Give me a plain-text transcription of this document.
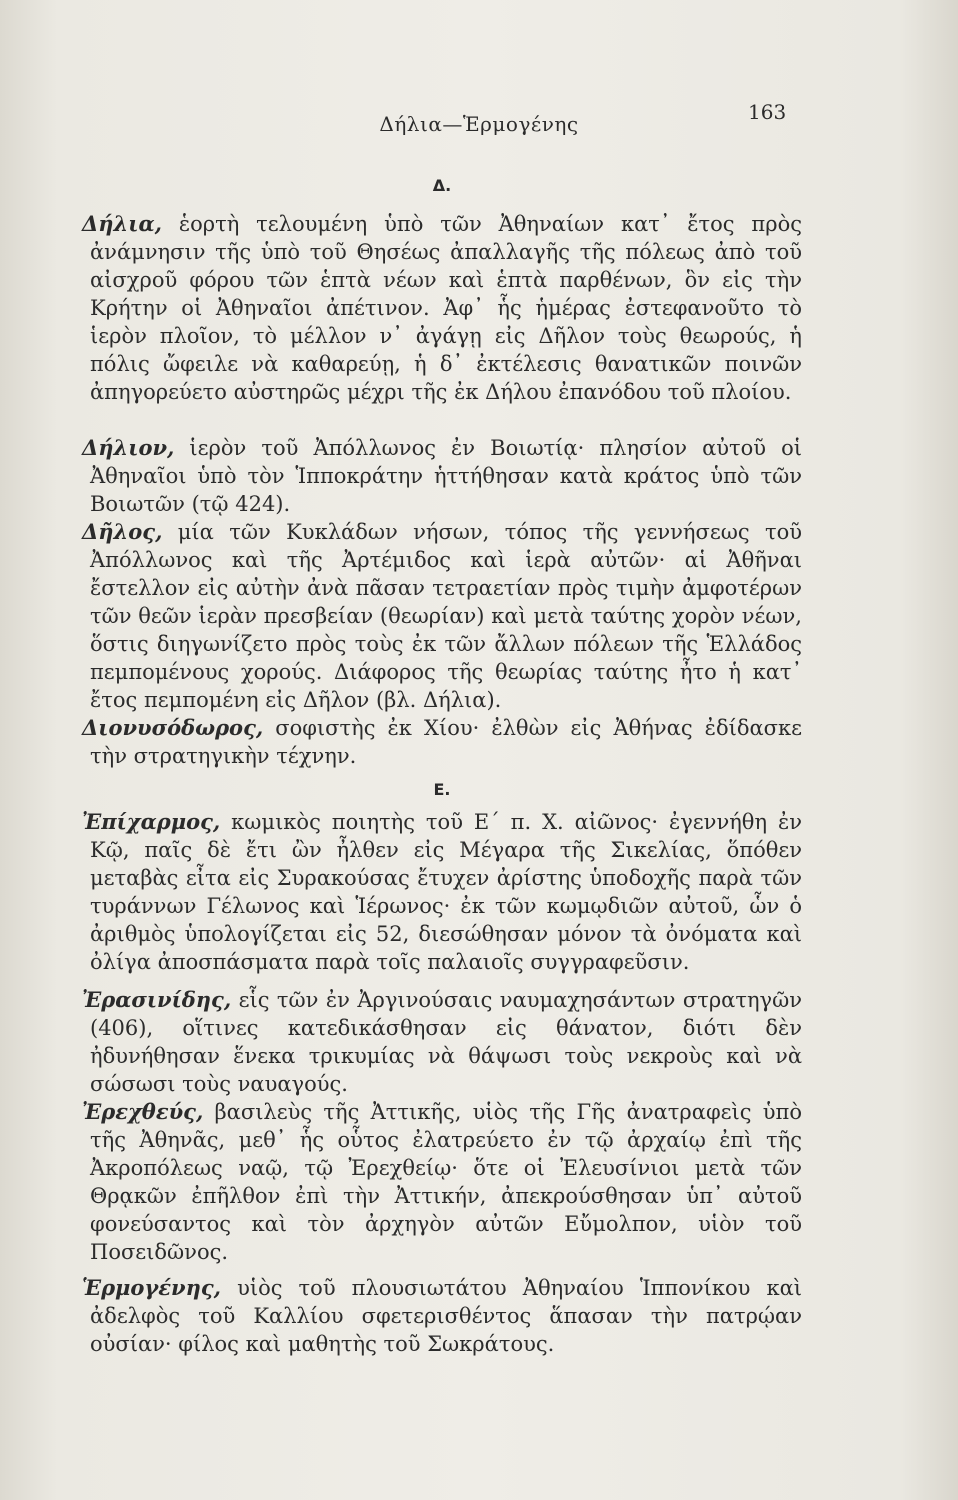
Δήλια—Ἑρμογένης	163
Δ.

Δήλια, ἑορτὴ τελουμένη ὑπὸ τῶν Ἀθηναίων κατ᾽ ἔτος πρὸς ἀνάμνησιν τῆς ὑπὸ τοῦ Θησέως ἀπαλλαγῆς τῆς πόλεως ἀπὸ τοῦ αἰσχροῦ φόρου τῶν ἑπτὰ νέων καὶ ἑπτὰ παρθένων, ὃν εἰς τὴν Κρήτην οἱ Ἀθηναῖοι ἀπέτινον. Ἀφ᾽ ἧς ἡμέρας ἐστεφανοῦτο τὸ ἱερὸν πλοῖον, τὸ μέλλον ν᾽ ἀγάγῃ εἰς Δῆλον τοὺς θεωρούς, ἡ πόλις ὤφειλε νὰ καθαρεύῃ, ἡ δ᾽ ἐκτέλεσις θανατικῶν ποινῶν ἀπηγορεύετο αὐστηρῶς μέχρι τῆς ἐκ Δήλου ἐπανόδου τοῦ πλοίου.

Δήλιον, ἱερὸν τοῦ Ἀπόλλωνος ἐν Βοιωτίᾳ· πλησίον αὐτοῦ οἱ Ἀθηναῖοι ὑπὸ τὸν Ἱπποκράτην ἡττήθησαν κατὰ κράτος ὑπὸ τῶν Βοιωτῶν (τῷ 424).

Δῆλος, μία τῶν Κυκλάδων νήσων, τόπος τῆς γεννήσεως τοῦ Ἀπόλλωνος καὶ τῆς Ἀρτέμιδος καὶ ἱερὰ αὐτῶν· αἱ Ἀθῆναι ἔστελλον εἰς αὐτὴν ἀνὰ πᾶσαν τετραετίαν πρὸς τιμὴν ἀμφοτέρων τῶν θεῶν ἱερὰν πρεσβείαν (θεωρίαν) καὶ μετὰ ταύτης χορὸν νέων, ὅστις διηγωνίζετο πρὸς τοὺς ἐκ τῶν ἄλλων πόλεων τῆς Ἑλλάδος πεμπομένους χορούς. Διάφορος τῆς θεωρίας ταύτης ἦτο ἡ κατ᾽ ἔτος πεμπομένη εἰς Δῆλον (βλ. Δήλια).

Διονυσόδωρος, σοφιστὴς ἐκ Χίου· ἐλθὼν εἰς Ἀθήνας ἐδίδασκε τὴν στρατηγικὴν τέχνην.

Ε.

Ἐπίχαρμος, κωμικὸς ποιητὴς τοῦ Ε´ π. Χ. αἰῶνος· ἐγεννήθη ἐν Κῷ, παῖς δὲ ἔτι ὢν ἦλθεν εἰς Μέγαρα τῆς Σικελίας, ὅπόθεν μεταβὰς εἶτα εἰς Συρακούσας ἔτυχεν ἀρίστης ὑποδοχῆς παρὰ τῶν τυράννων Γέλωνος καὶ Ἱέρωνος· ἐκ τῶν κωμῳδιῶν αὐτοῦ, ὧν ὁ ἀριθμὸς ὑπολογίζεται εἰς 52, διεσώθησαν μόνον τὰ ὀνόματα καὶ ὀλίγα ἀποσπάσματα παρὰ τοῖς παλαιοῖς συγγραφεῦσιν.

Ἐρασινίδης, εἷς τῶν ἐν Ἀργινούσαις ναυμαχησάντων στρατηγῶν (406), οἵτινες κατεδικάσθησαν εἰς θάνατον, διότι δὲν ἠδυνήθησαν ἕνεκα τρικυμίας νὰ θάψωσι τοὺς νεκροὺς καὶ νὰ σώσωσι τοὺς ναυαγούς.

Ἐρεχθεύς, βασιλεὺς τῆς Ἀττικῆς, υἱὸς τῆς Γῆς ἀνατραφεὶς ὑπὸ τῆς Ἀθηνᾶς, μεθ᾽ ἧς οὗτος ἐλατρεύετο ἐν τῷ ἀρχαίῳ ἐπὶ τῆς Ἀκροπόλεως ναῷ, τῷ Ἐρεχθείῳ· ὅτε οἱ Ἐλευσίνιοι μετὰ τῶν Θρᾳκῶν ἐπῆλθον ἐπὶ τὴν Ἀττικήν, ἀπεκρούσθησαν ὑπ᾽ αὐτοῦ φονεύσαντος καὶ τὸν ἀρχηγὸν αὐτῶν Εὔμολπον, υἱὸν τοῦ Ποσειδῶνος.

Ἑρμογένης, υἱὸς τοῦ πλουσιωτάτου Ἀθηναίου Ἱππονίκου καὶ ἀδελφὸς τοῦ Καλλίου σφετερισθέντος ἅπασαν τὴν πατρῴαν οὐσίαν· φίλος καὶ μαθητὴς τοῦ Σωκράτους.
